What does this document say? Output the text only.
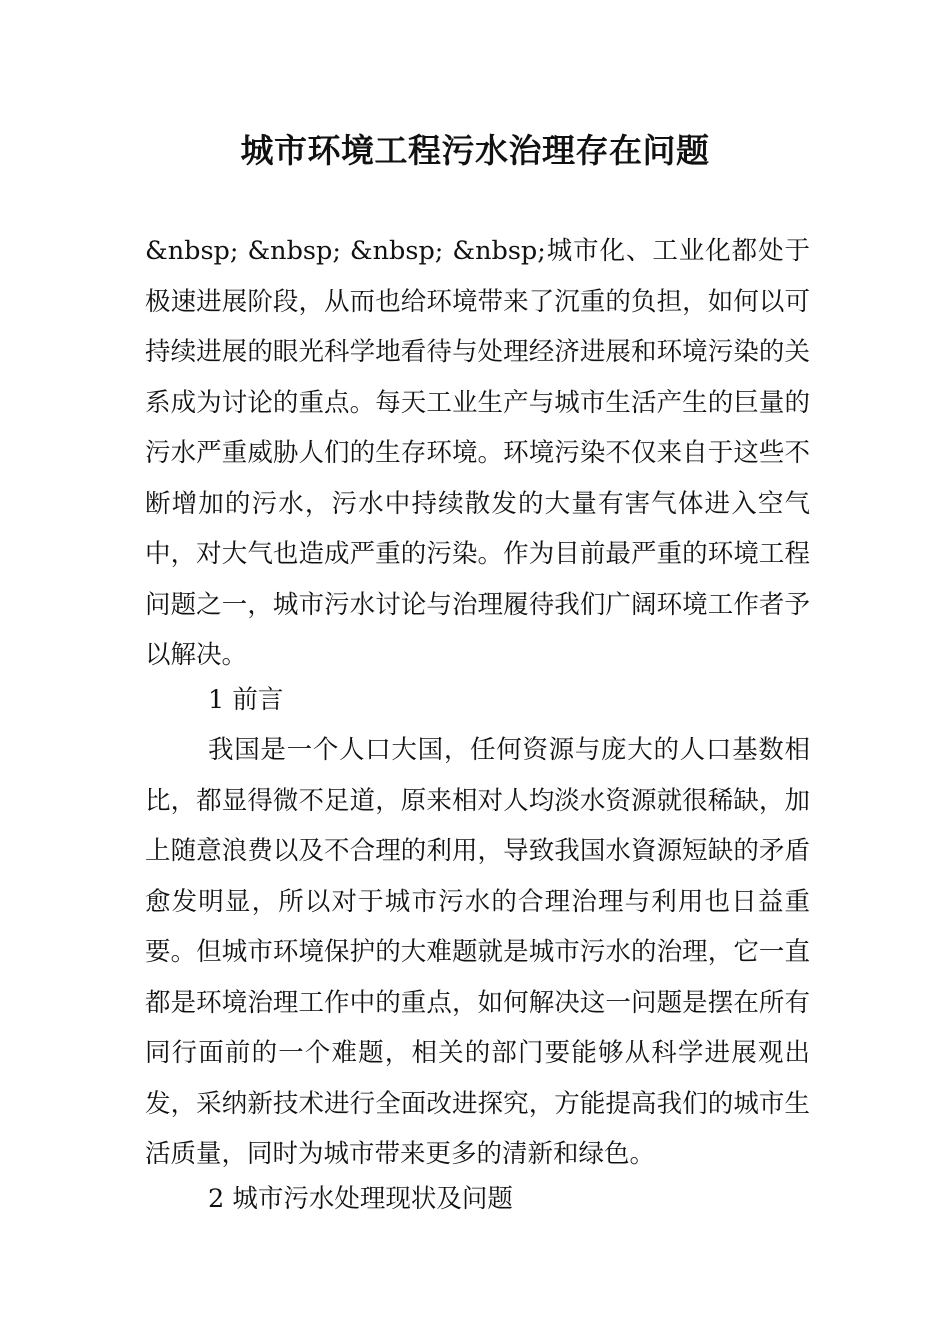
城市环境工程污水治理存在问题

&nbsp; &nbsp; &nbsp; &nbsp;城市化、工业化都处于极速进展阶段，从而也给环境带来了沉重的负担，如何以可持续进展的眼光科学地看待与处理经济进展和环境污染的关系成为讨论的重点。每天工业生产与城市生活产生的巨量的污水严重威胁人们的生存环境。环境污染不仅来自于这些不断增加的污水，污水中持续散发的大量有害气体进入空气中，对大气也造成严重的污染。作为目前最严重的环境工程问题之一，城市污水讨论与治理履待我们广阔环境工作者予以解决。

1 前言

我国是一个人口大国，任何资源与庞大的人口基数相比，都显得微不足道，原来相对人均淡水资源就很稀缺，加上随意浪费以及不合理的利用，导致我国水資源短缺的矛盾愈发明显，所以对于城市污水的合理治理与利用也日益重要。但城市环境保护的大难题就是城市污水的治理，它一直都是环境治理工作中的重点，如何解决这一问题是摆在所有同行面前的一个难题，相关的部门要能够从科学进展观出发，采纳新技术进行全面改进探究，方能提高我们的城市生活质量，同时为城市带来更多的清新和绿色。

2 城市污水处理现状及问题
